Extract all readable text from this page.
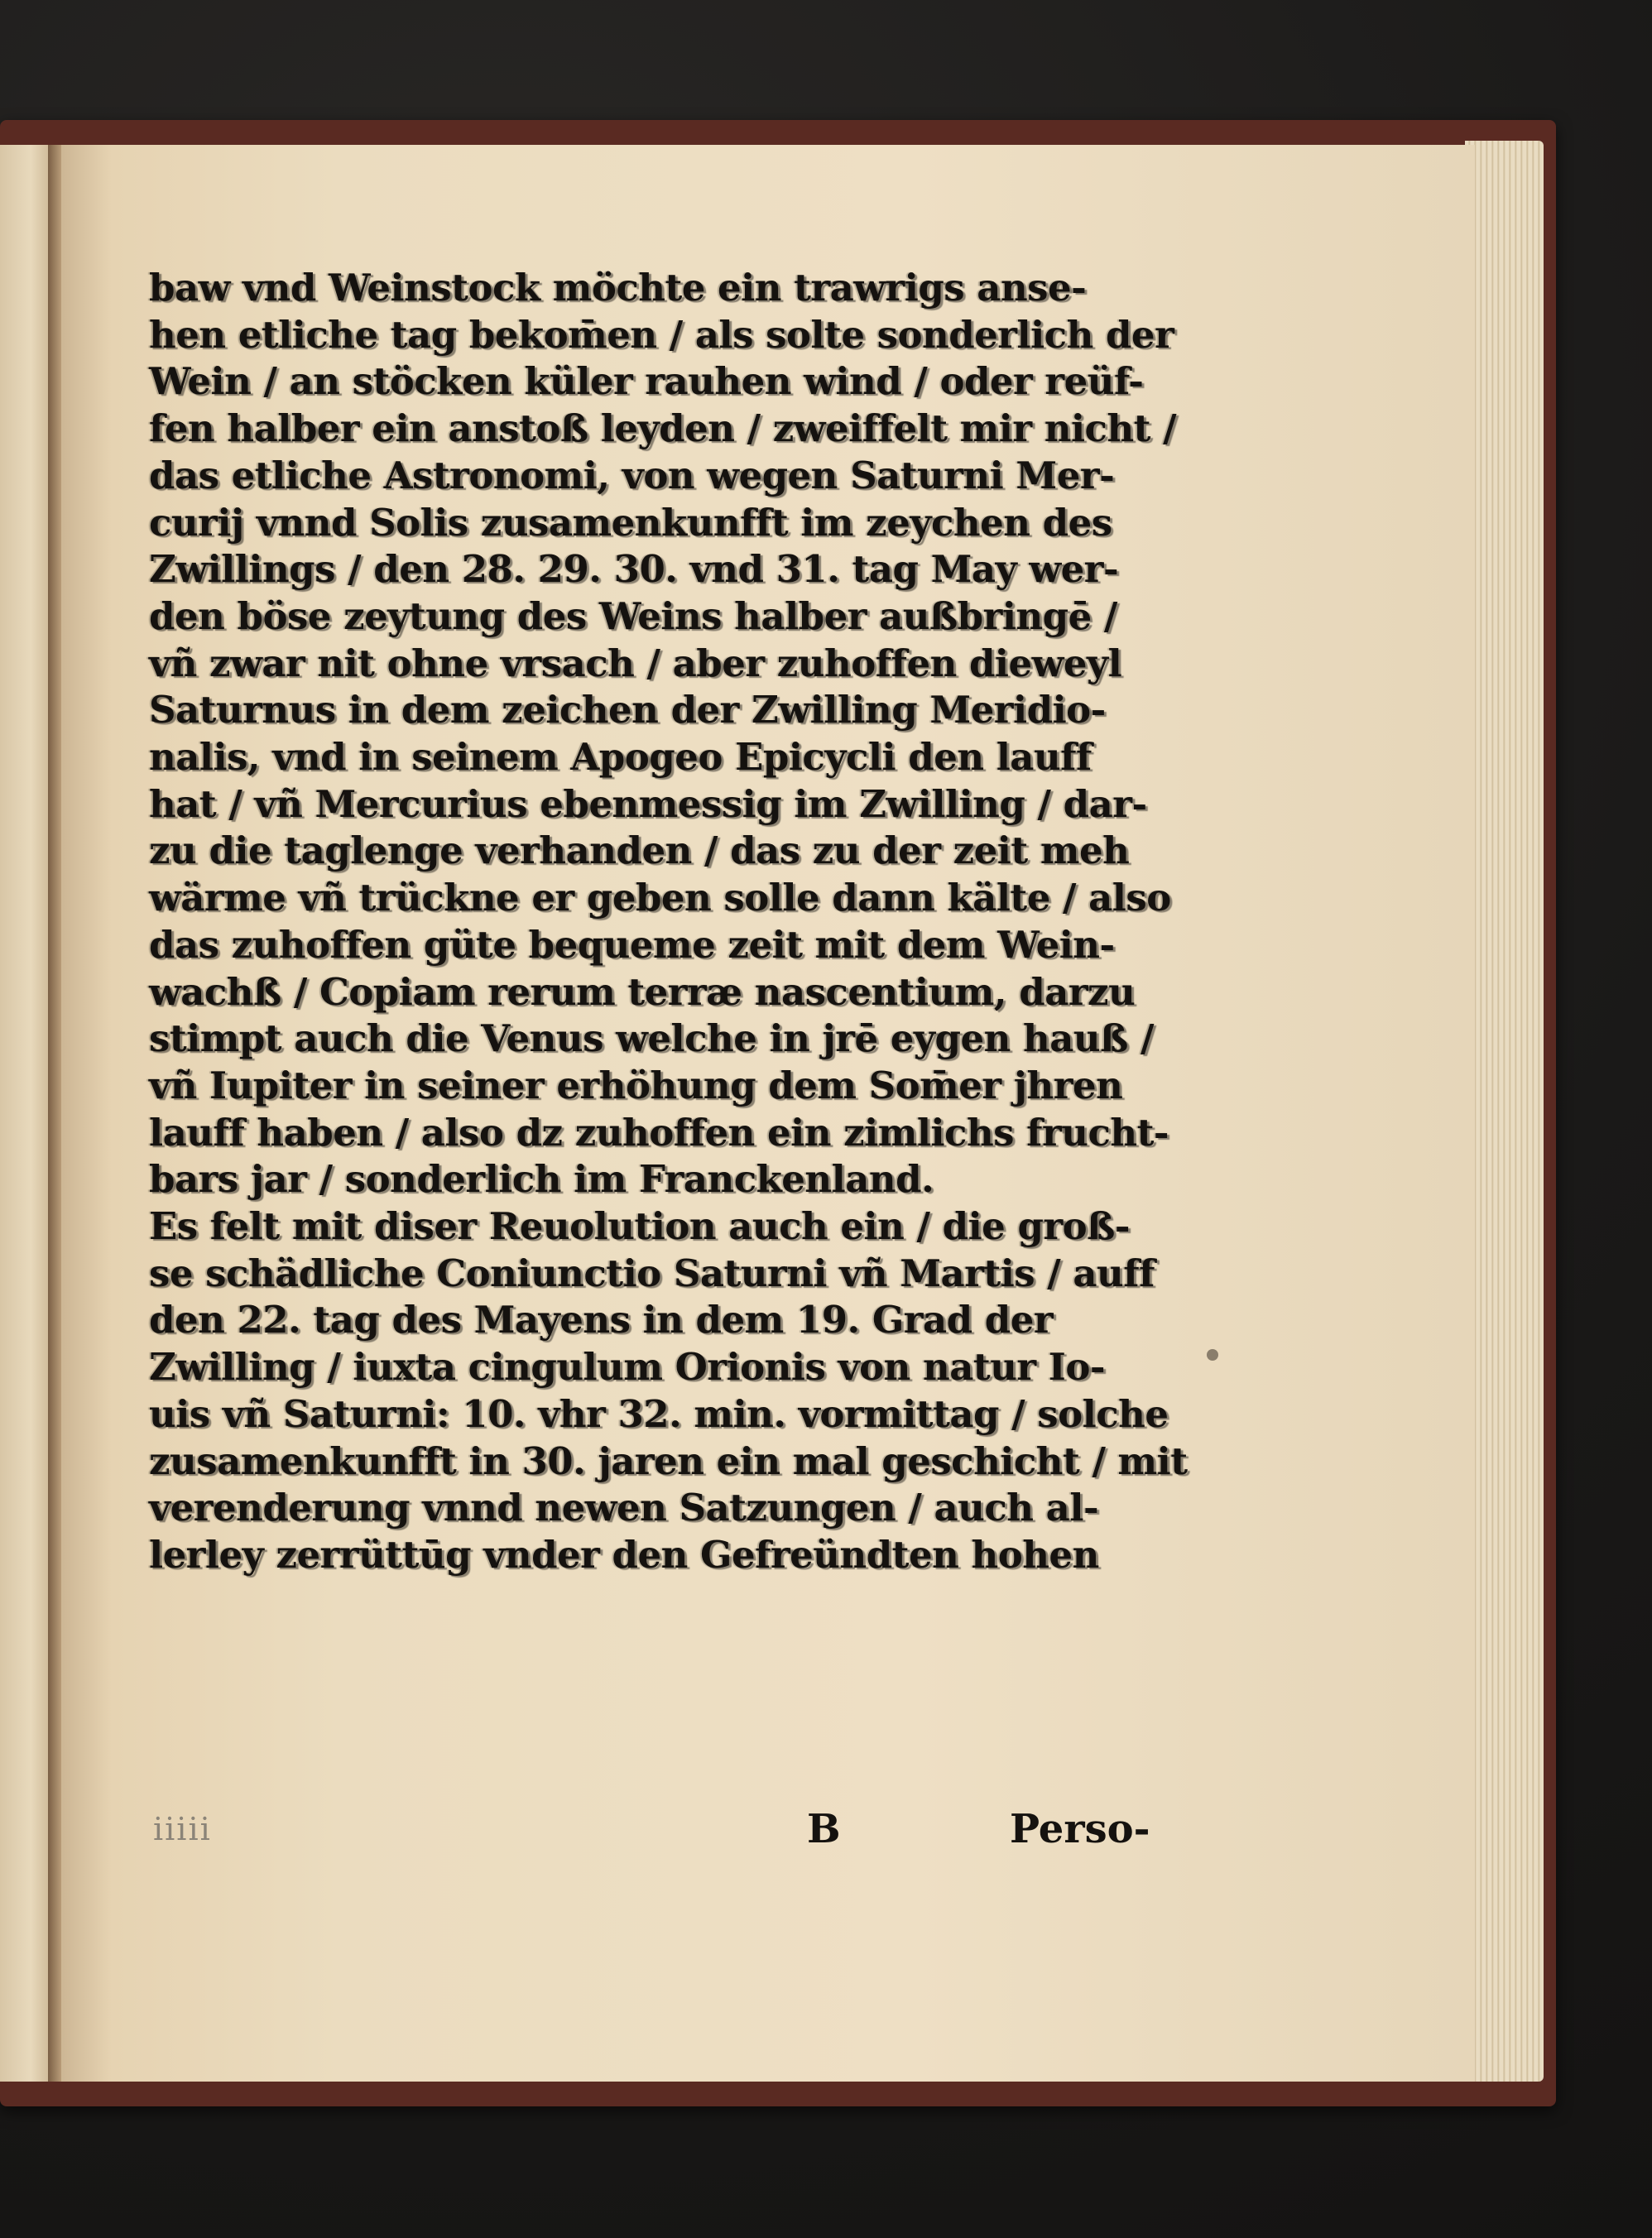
baw vnd Weinstock möchte ein trawrigs anse-
hen etliche tag bekom̄en / als solte sonderlich der
Wein / an stöcken küler rauhen wind / oder reüf-
fen halber ein anstoß leyden / zweiffelt mir nicht /
das etliche Astronomi, von wegen Saturni Mer-
curij vnnd Solis zusamenkunfft im zeychen des
Zwillings / den 28. 29. 30. vnd 31. tag May wer-
den böse zeytung des Weins halber außbringē /
vñ zwar nit ohne vrsach / aber zuhoffen dieweyl
Saturnus in dem zeichen der Zwilling Meridio-
nalis, vnd in seinem Apogeo Epicycli den lauff
hat / vñ Mercurius ebenmessig im Zwilling / dar-
zu die taglenge verhanden / das zu der zeit meh
wärme vñ trücknе er geben solle dann kälte / also
das zuhoffen güte bequeme zeit mit dem Wein-
wachß / Copiam rerum terræ nascentium, darzu
stimpt auch die Venus welche in jrē eygen hauß /
vñ Iupiter in seiner erhöhung dem Som̄er jhren
lauff haben / also dz zuhoffen ein zimlichs frucht-
bars jar / sonderlich im Franckenland.
Es felt mit diser Reuolution auch ein / die groß-
se schädliche Coniunctio Saturni vñ Martis / auff
den 22. tag des Mayens in dem 19. Grad der
Zwilling / iuxta cingulum Orionis von natur Io-
uis vñ Saturni: 10. vhr 32. min. vormittag / solche
zusamenkunfft in 30. jaren ein mal geschicht / mit
verenderung vnnd newen Satzungen / auch al-
lerley zerrüttūg vnder den Gefreündten hohen
iiiii	B	Perso-
